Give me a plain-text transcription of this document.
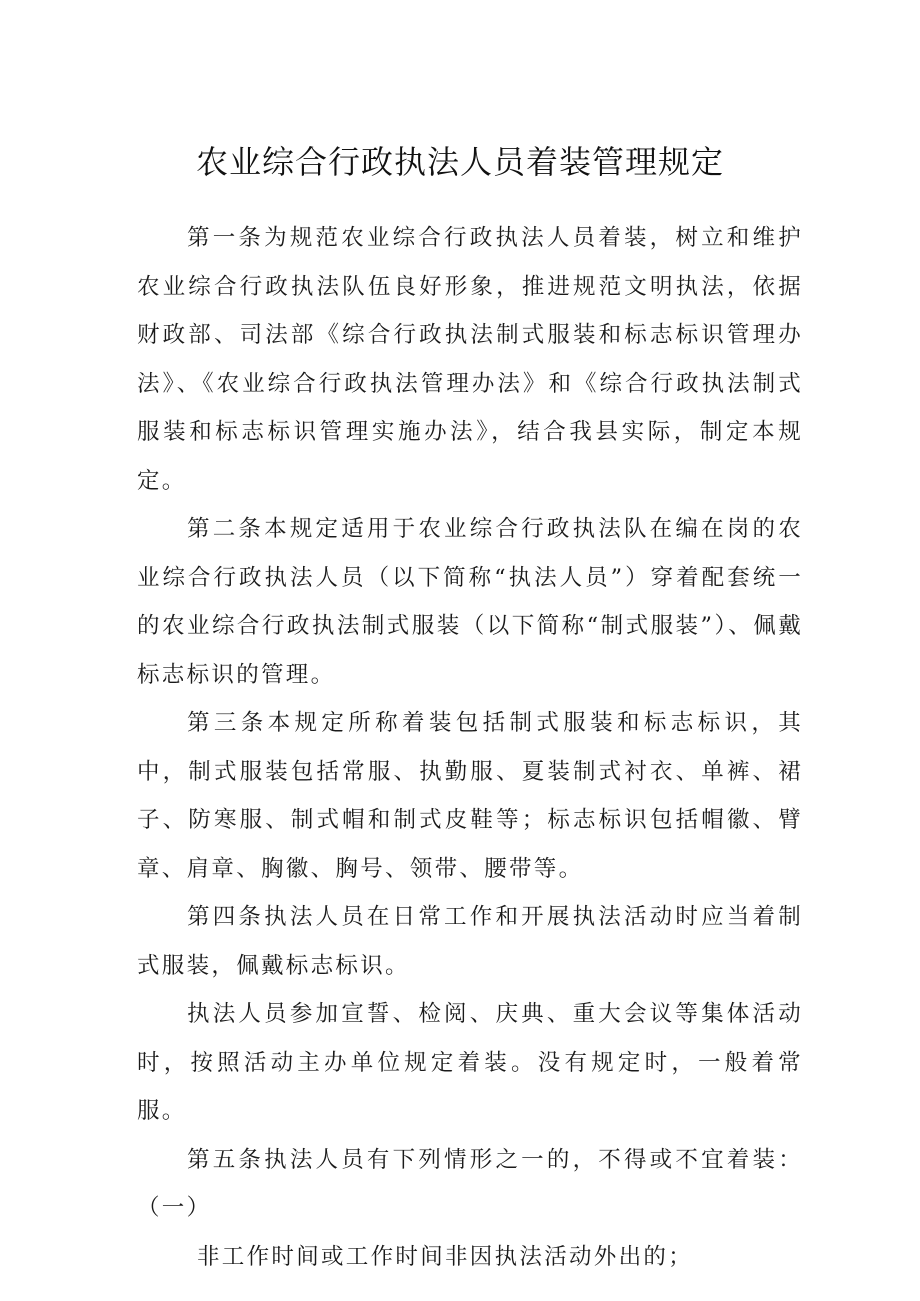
农业综合行政执法人员着装管理规定

第一条为规范农业综合行政执法人员着装，树立和维护农业综合行政执法队伍良好形象，推进规范文明执法，依据财政部、司法部《综合行政执法制式服装和标志标识管理办法》、《农业综合行政执法管理办法》和《综合行政执法制式服装和标志标识管理实施办法》，结合我县实际，制定本规定。

第二条本规定适用于农业综合行政执法队在编在岗的农业综合行政执法人员（以下简称“执法人员”）穿着配套统一的农业综合行政执法制式服装（以下简称“制式服装”）、佩戴标志标识的管理。

第三条本规定所称着装包括制式服装和标志标识，其中，制式服装包括常服、执勤服、夏装制式衬衣、单裤、裙子、防寒服、制式帽和制式皮鞋等；标志标识包括帽徽、臂章、肩章、胸徽、胸号、领带、腰带等。

第四条执法人员在日常工作和开展执法活动时应当着制式服装，佩戴标志标识。

执法人员参加宣誓、检阅、庆典、重大会议等集体活动时，按照活动主办单位规定着装。没有规定时，一般着常服。

第五条执法人员有下列情形之一的，不得或不宜着装：（一）

非工作时间或工作时间非因执法活动外出的；
